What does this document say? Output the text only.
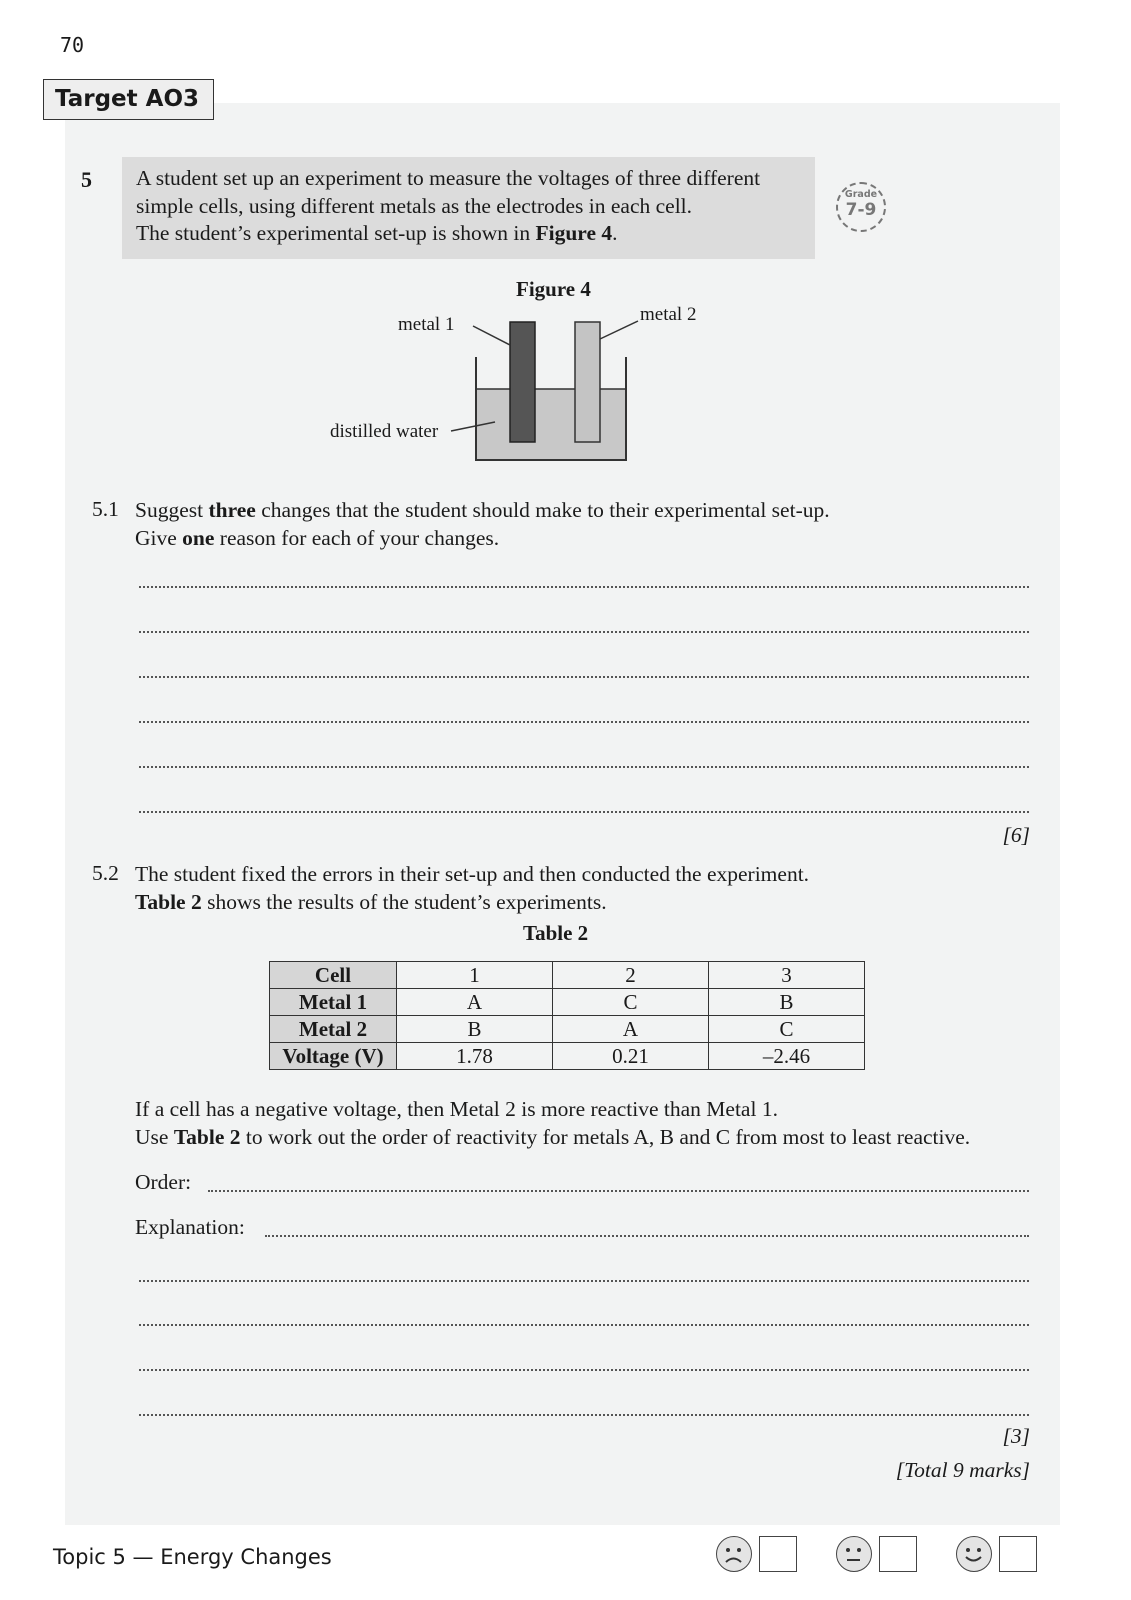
70
Target AO3
5 A student set up an experiment to measure the voltages of three different
simple cells, using different metals as the electrodes in each cell.
The student’s experimental set-up is shown in Figure 4.
Grade
7-9
Figure 4
metal 1	metal 2
distilled water
5.1 Suggest three changes that the student should make to their experimental set-up.
Give one reason for each of your changes.
[6]
5.2 The student fixed the errors in their set-up and then conducted the experiment.
Table 2 shows the results of the student’s experiments.
Table 2
Cell	1	2	3
Metal 1	A	C	B
Metal 2	B	A	C
Voltage (V)	1.78	0.21	–2.46
If a cell has a negative voltage, then Metal 2 is more reactive than Metal 1.
Use Table 2 to work out the order of reactivity for metals A, B and C from most to least reactive.
Order:
Explanation:
[3]
[Total 9 marks]
Topic 5 — Energy Changes
